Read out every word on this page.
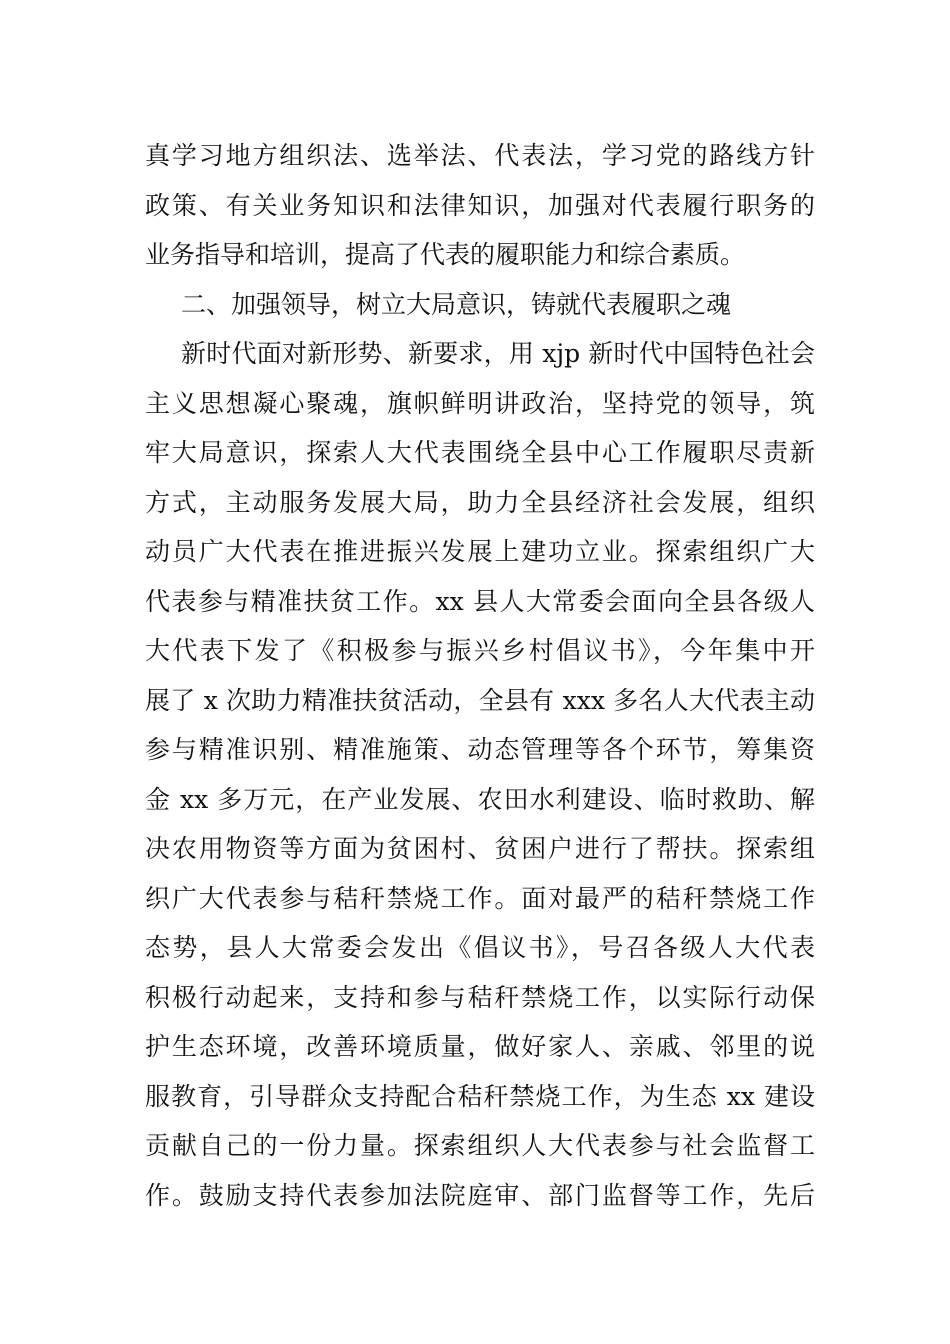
真学习地方组织法、选举法、代表法，学习党的路线方针
政策、有关业务知识和法律知识，加强对代表履行职务的
业务指导和培训，提高了代表的履职能力和综合素质。
二、加强领导，树立大局意识，铸就代表履职之魂
新时代面对新形势、新要求，用 xjp 新时代中国特色社会
主义思想凝心聚魂，旗帜鲜明讲政治，坚持党的领导，筑
牢大局意识，探索人大代表围绕全县中心工作履职尽责新
方式，主动服务发展大局，助力全县经济社会发展，组织
动员广大代表在推进振兴发展上建功立业。探索组织广大
代表参与精准扶贫工作。xx 县人大常委会面向全县各级人
大代表下发了《积极参与振兴乡村倡议书》，今年集中开
展了 x 次助力精准扶贫活动，全县有 xxx 多名人大代表主动
参与精准识别、精准施策、动态管理等各个环节，筹集资
金 xx 多万元，在产业发展、农田水利建设、临时救助、解
决农用物资等方面为贫困村、贫困户进行了帮扶。探索组
织广大代表参与秸秆禁烧工作。面对最严的秸秆禁烧工作
态势，县人大常委会发出《倡议书》，号召各级人大代表
积极行动起来，支持和参与秸秆禁烧工作，以实际行动保
护生态环境，改善环境质量，做好家人、亲戚、邻里的说
服教育，引导群众支持配合秸秆禁烧工作，为生态 xx 建设
贡献自己的一份力量。探索组织人大代表参与社会监督工
作。鼓励支持代表参加法院庭审、部门监督等工作，先后
